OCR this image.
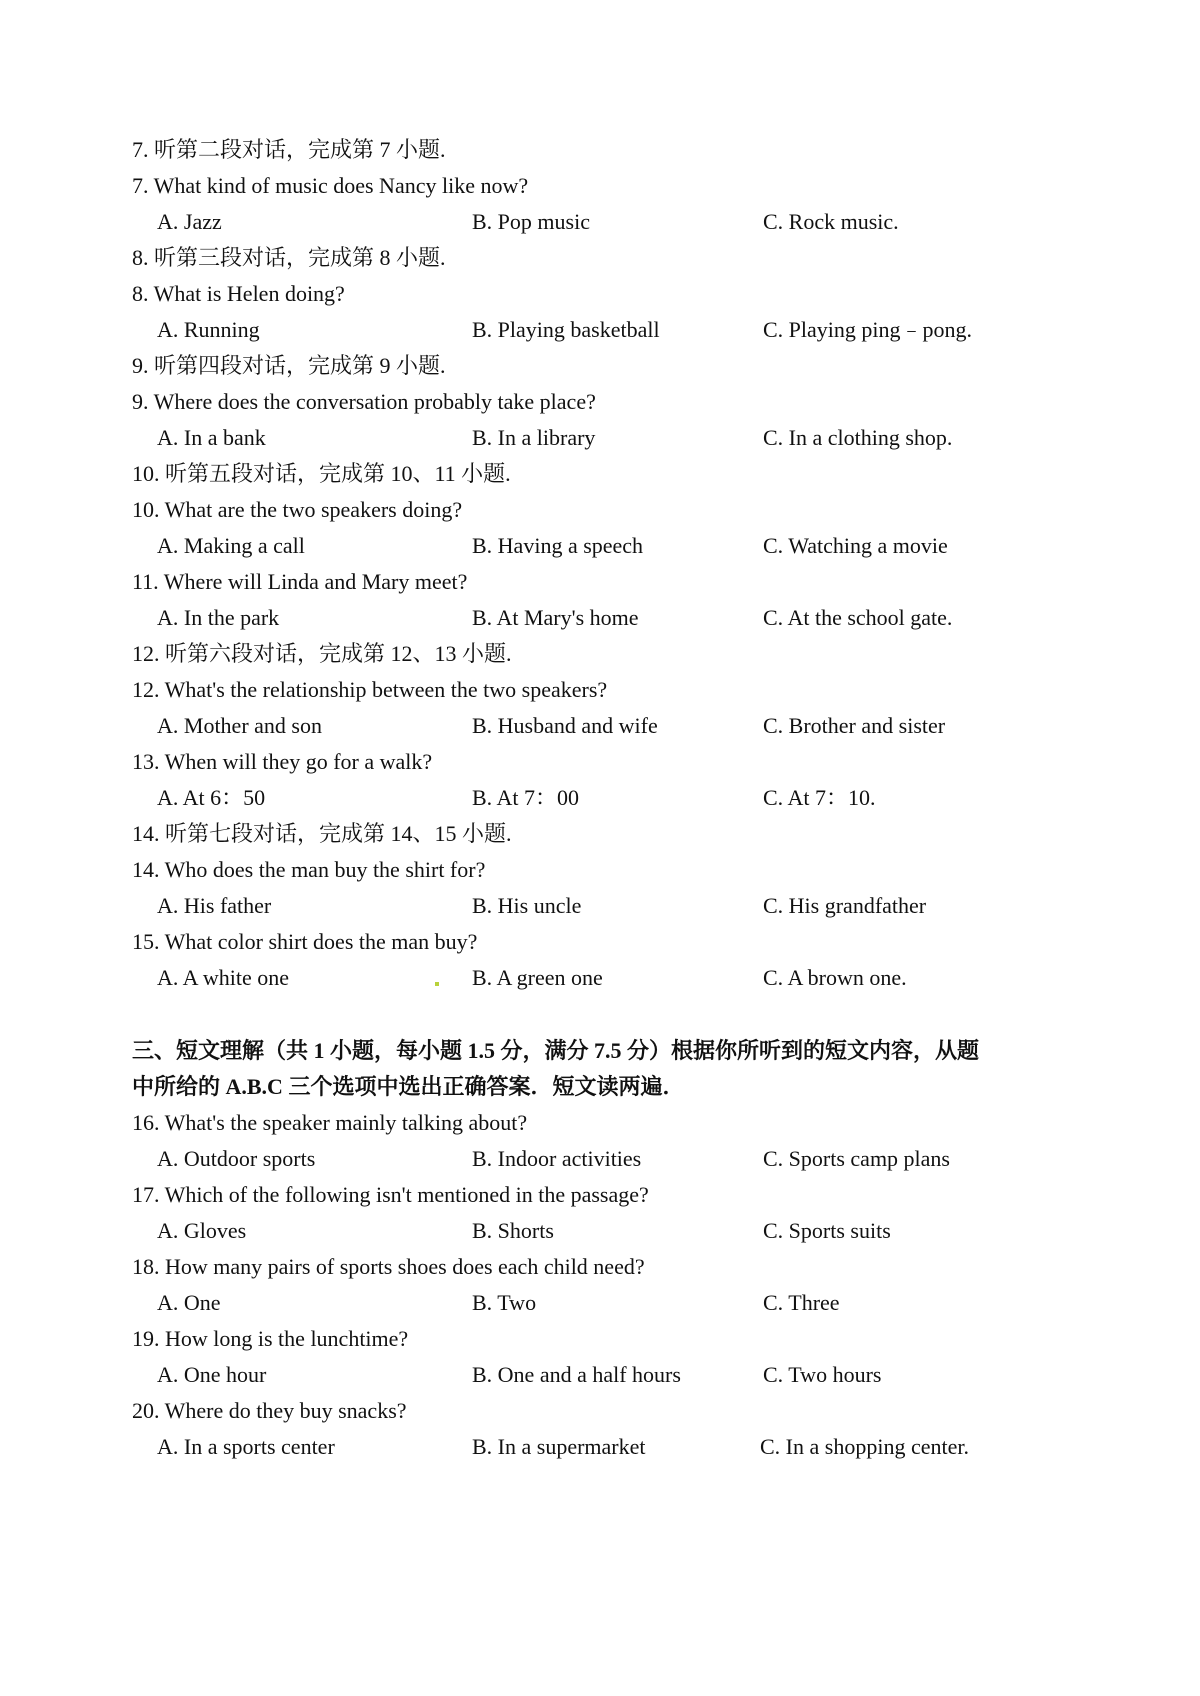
7. 听第二段对话，完成第 7 小题.
7. What kind of music does Nancy like now?
A. Jazz	B. Pop music	C. Rock music.
8. 听第三段对话，完成第 8 小题.
8. What is Helen doing?
A. Running	B. Playing basketball	C. Playing ping﹣pong.
9. 听第四段对话，完成第 9 小题.
9. Where does the conversation probably take place?
A. In a bank	B. In a library	C. In a clothing shop.
10. 听第五段对话，完成第 10、11 小题.
10. What are the two speakers doing?
A. Making a call	B. Having a speech	C. Watching a movie
11. Where will Linda and Mary meet?
A. In the park	B. At Mary's home	C. At the school gate.
12. 听第六段对话，完成第 12、13 小题.
12. What's the relationship between the two speakers?
A. Mother and son	B. Husband and wife	C. Brother and sister
13. When will they go for a walk?
A. At 6：50	B. At 7：00	C. At 7：10.
14. 听第七段对话，完成第 14、15 小题.
14. Who does the man buy the shirt for?
A. His father	B. His uncle	C. His grandfather
15. What color shirt does the man buy?
A. A white one	B. A green one	C. A brown one.
三、短文理解（共 1 小题，每小题 1.5 分，满分 7.5 分）根据你所听到的短文内容，从题
中所给的 A.B.C 三个选项中选出正确答案．短文读两遍．
16. What's the speaker mainly talking about?
A. Outdoor sports	B. Indoor activities	C. Sports camp plans
17. Which of the following isn't mentioned in the passage?
A. Gloves	B. Shorts	C. Sports suits
18. How many pairs of sports shoes does each child need?
A. One	B. Two	C. Three
19. How long is the lunchtime?
A. One hour	B. One and a half hours	C. Two hours
20. Where do they buy snacks?
A. In a sports center	B. In a supermarket	C. In a shopping center.
